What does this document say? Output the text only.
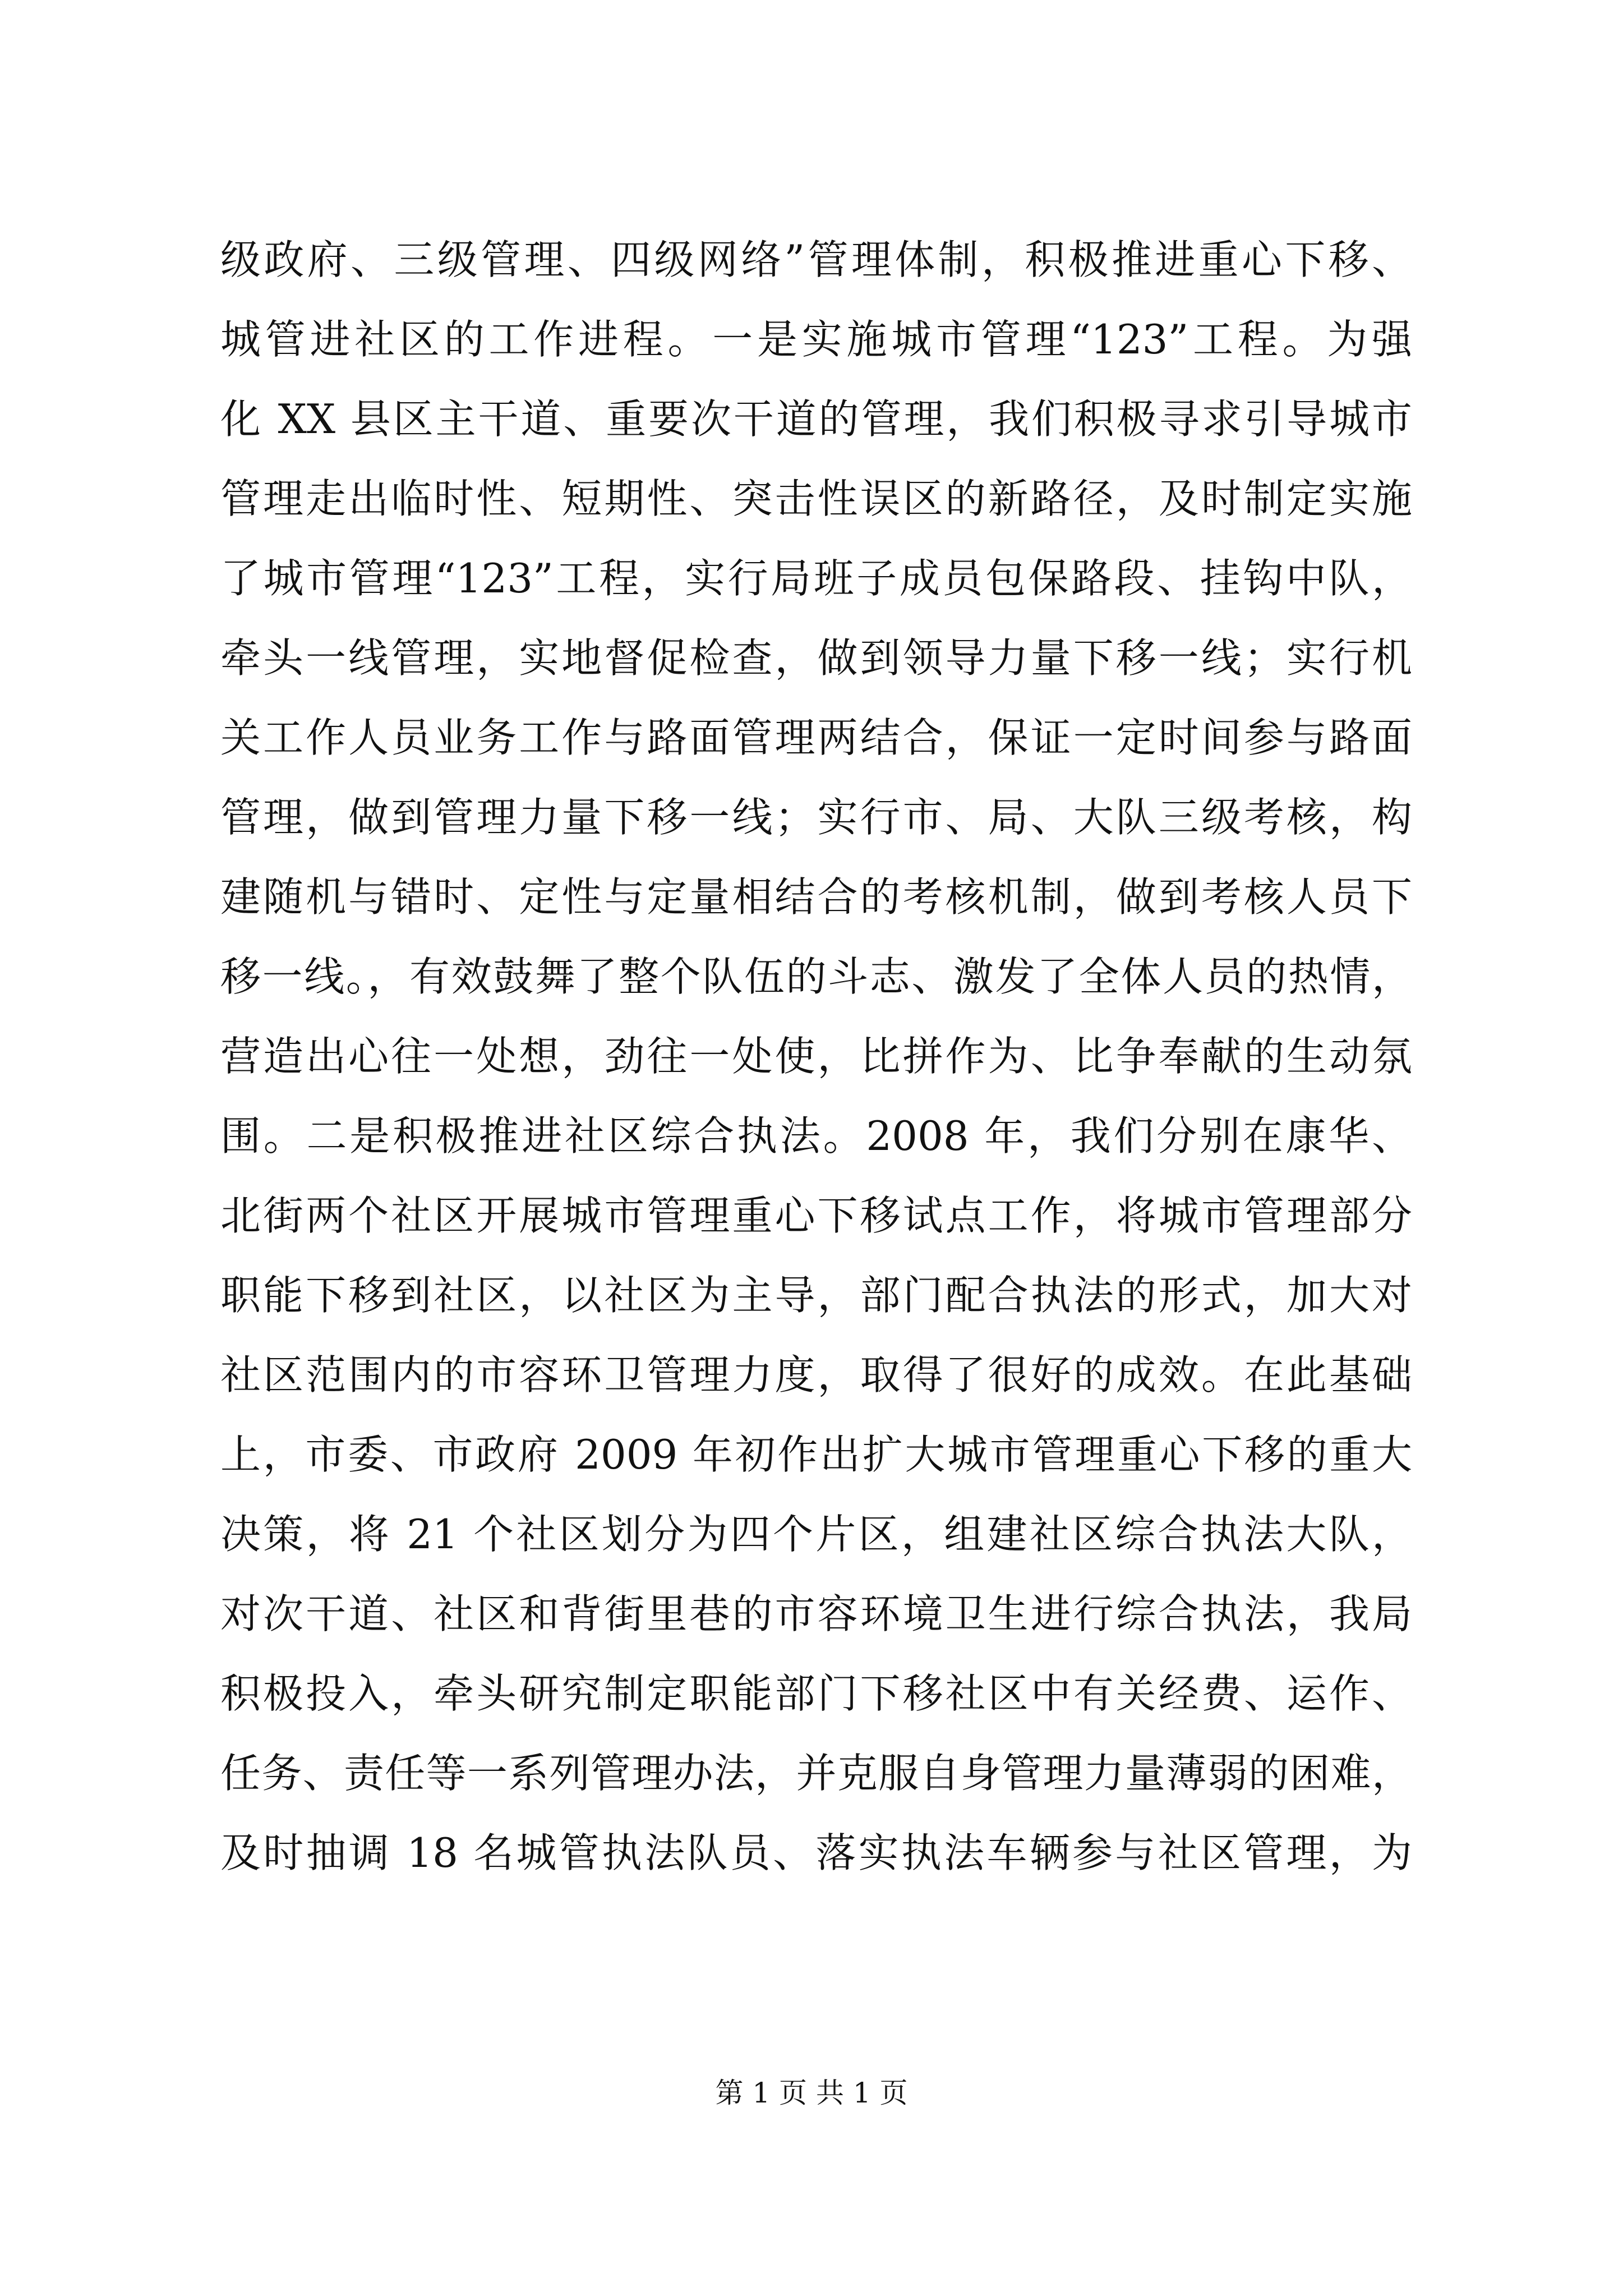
级政府、三级管理、四级网络”管理体制，积极推进重心下移、
城管进社区的工作进程。一是实施城市管理“123”工程。为强
化 XX 县区主干道、重要次干道的管理，我们积极寻求引导城市
管理走出临时性、短期性、突击性误区的新路径，及时制定实施
了城市管理“123”工程，实行局班子成员包保路段、挂钩中队，
牵头一线管理，实地督促检查，做到领导力量下移一线；实行机
关工作人员业务工作与路面管理两结合，保证一定时间参与路面
管理，做到管理力量下移一线；实行市、局、大队三级考核，构
建随机与错时、定性与定量相结合的考核机制，做到考核人员下
移一线。，有效鼓舞了整个队伍的斗志、激发了全体人员的热情，
营造出心往一处想，劲往一处使，比拼作为、比争奉献的生动氛
围。二是积极推进社区综合执法。2008 年，我们分别在康华、
北街两个社区开展城市管理重心下移试点工作，将城市管理部分
职能下移到社区，以社区为主导，部门配合执法的形式，加大对
社区范围内的市容环卫管理力度，取得了很好的成效。在此基础
上，市委、市政府 2009 年初作出扩大城市管理重心下移的重大
决策，将 21 个社区划分为四个片区，组建社区综合执法大队，
对次干道、社区和背街里巷的市容环境卫生进行综合执法，我局
积极投入，牵头研究制定职能部门下移社区中有关经费、运作、
任务、责任等一系列管理办法，并克服自身管理力量薄弱的困难，
及时抽调 18 名城管执法队员、落实执法车辆参与社区管理，为
第 1 页 共 1 页
